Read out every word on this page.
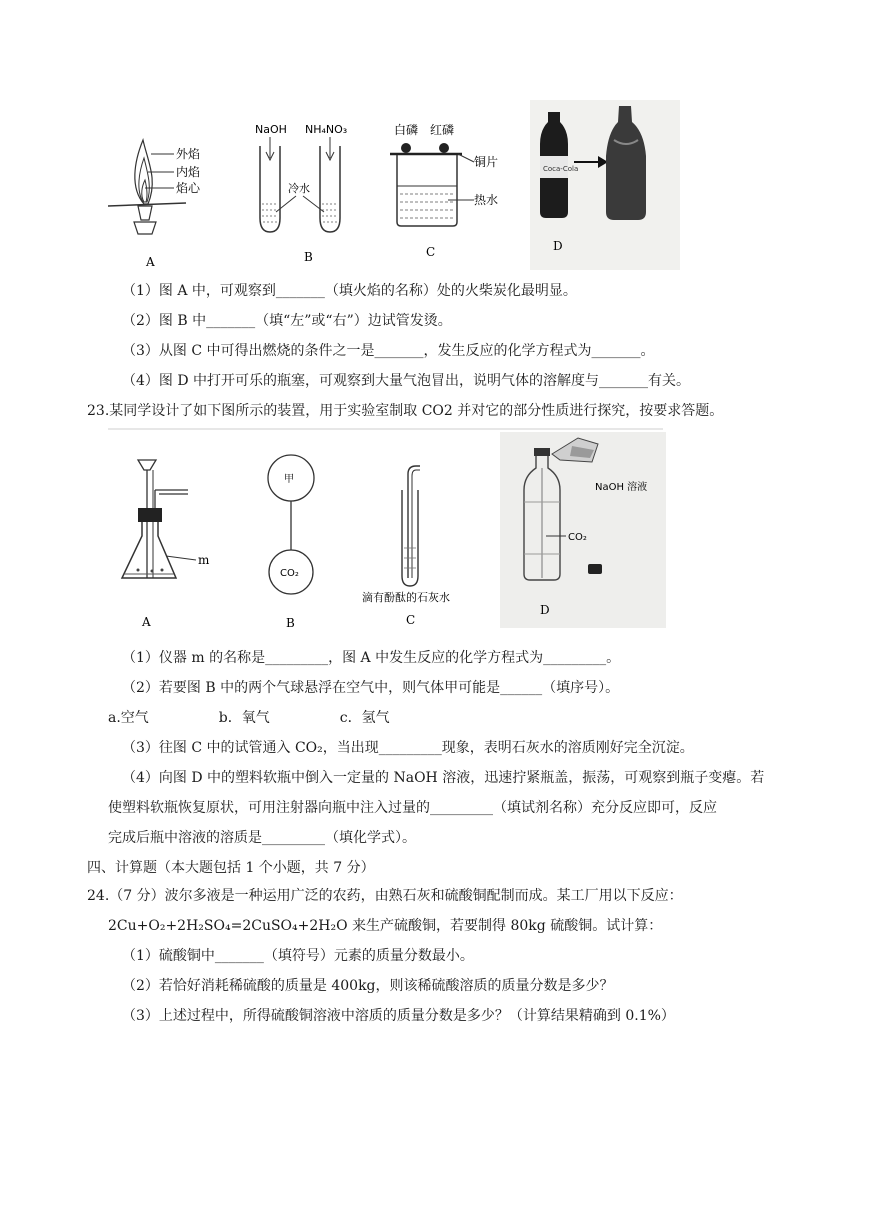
外焰
内焰
焰心
A
NaOH NH₄NO₃
冷水
B
白磷 红磷
铜片
热水
C
Coca-Cola
D
（1）图 A 中，可观察到_______（填火焰的名称）处的火柴炭化最明显。
（2）图 B 中_______（填“左”或“右”）边试管发烫。
（3）从图 C 中可得出燃烧的条件之一是_______，发生反应的化学方程式为_______。
（4）图 D 中打开可乐的瓶塞，可观察到大量气泡冒出，说明气体的溶解度与_______有关。
23.某同学设计了如下图所示的装置，用于实验室制取 CO2 并对它的部分性质进行探究，按要求答题。
m
A
甲
CO₂
B
滴有酚酞的石灰水
C
NaOH 溶液
CO₂
D
（1）仪器 m 的名称是_________，图 A 中发生反应的化学方程式为_________。
（2）若要图 B 中的两个气球悬浮在空气中，则气体甲可能是______（填序号）。
a.空气　　　　　b．氧气　　　　　c．氢气
（3）往图 C 中的试管通入 CO₂，当出现_________现象，表明石灰水的溶质刚好完全沉淀。
（4）向图 D 中的塑料软瓶中倒入一定量的 NaOH 溶液，迅速拧紧瓶盖，振荡，可观察到瓶子变瘪。若
使塑料软瓶恢复原状，可用注射器向瓶中注入过量的_________（填试剂名称）充分反应即可，反应
完成后瓶中溶液的溶质是_________（填化学式）。
四、计算题（本大题包括 1 个小题，共 7 分）
24.（7 分）波尔多液是一种运用广泛的农药，由熟石灰和硫酸铜配制而成。某工厂用以下反应：
2Cu+O₂+2H₂SO₄=2CuSO₄+2H₂O 来生产硫酸铜，若要制得 80kg 硫酸铜。试计算：
（1）硫酸铜中_______（填符号）元素的质量分数最小。
（2）若恰好消耗稀硫酸的质量是 400kg，则该稀硫酸溶质的质量分数是多少？
（3）上述过程中，所得硫酸铜溶液中溶质的质量分数是多少？（计算结果精确到 0.1%）
